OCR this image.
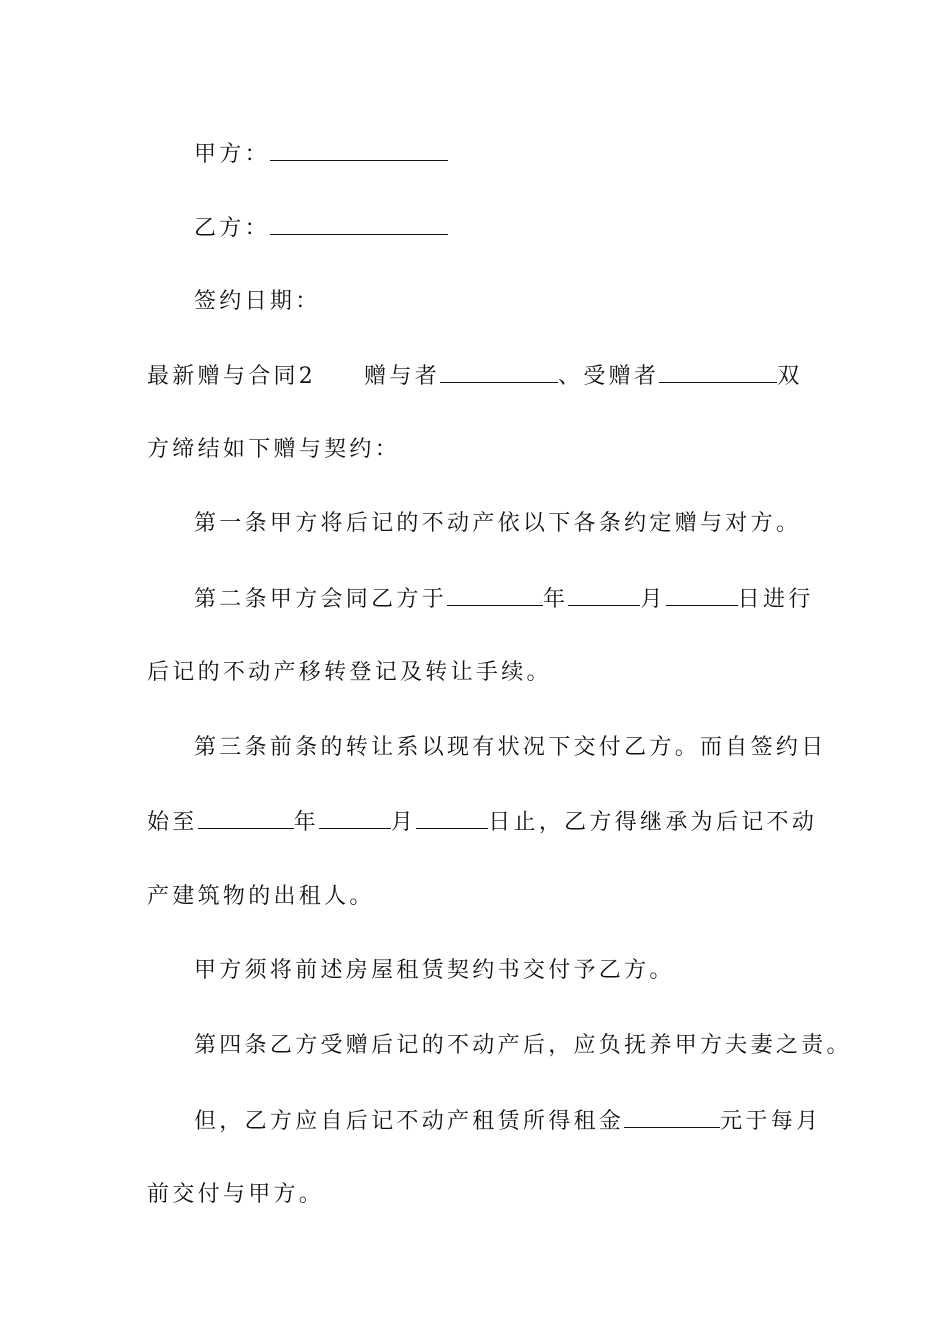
甲方：
乙方：
签约日期：
最新赠与合同2 赠与者	、受赠者	双
方缔结如下赠与契约：
第一条甲方将后记的不动产依以下各条约定赠与对方。
第二条甲方会同乙方于	年	月	日进行
后记的不动产移转登记及转让手续。
第三条前条的转让系以现有状况下交付乙方。而自签约日
始至	年	月	日止，乙方得继承为后记不动
产建筑物的出租人。
甲方须将前述房屋租赁契约书交付予乙方。
第四条乙方受赠后记的不动产后，应负抚养甲方夫妻之责。
但，乙方应自后记不动产租赁所得租金	元于每月
前交付与甲方。
